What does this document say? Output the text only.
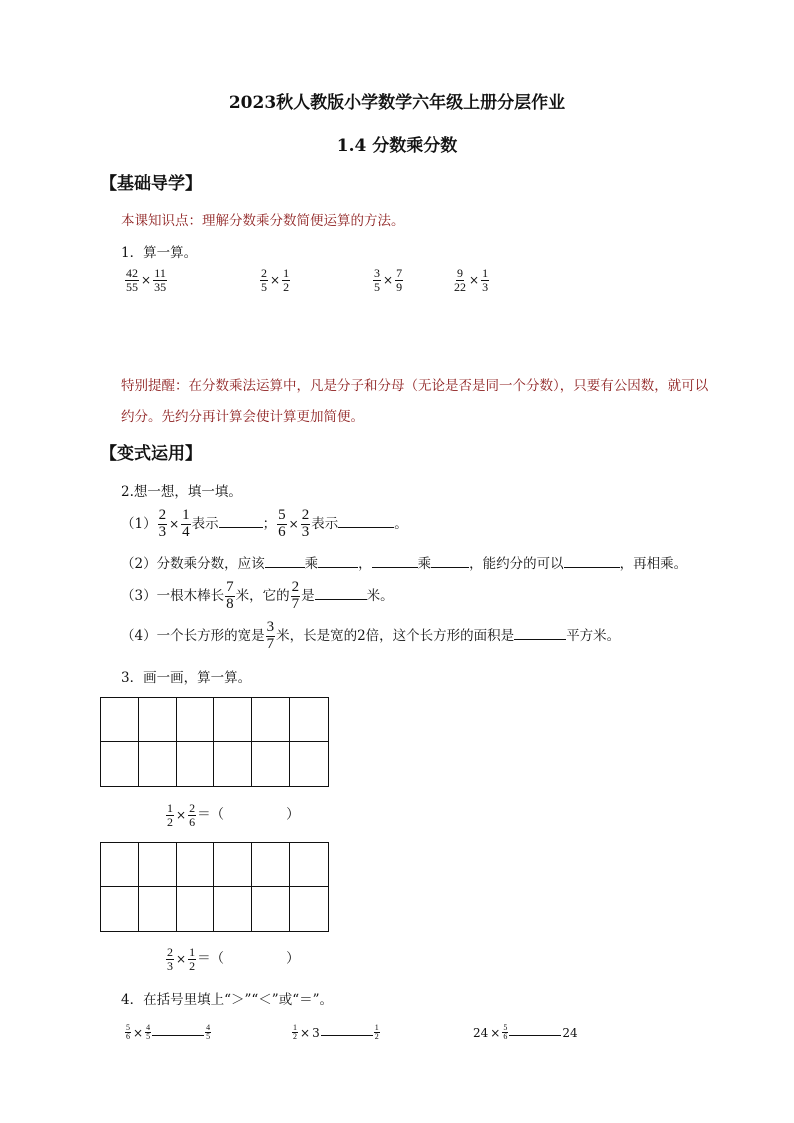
2023秋人教版小学数学六年级上册分层作业
1.4 分数乘分数
【基础导学】
本课知识点：理解分数乘分数简便运算的方法。
1．算一算。
$\frac{42}{55} \times \frac{11}{35}$	$\frac{2}{5} \times \frac{1}{2}$	$\frac{3}{5} \times \frac{7}{9}$	$\frac{9}{22} \times \frac{1}{3}$
特别提醒：在分数乘法运算中，凡是分子和分母（无论是否是同一个分数），只要有公因数，就可以
约分。先约分再计算会使计算更加简便。
【变式运用】
2.想一想，填一填。
$(1) \frac{2}{3} \times \frac{1}{4}$ 表示	； $\frac{5}{6} \times \frac{2}{3}$ 表示	。
（2）分数乘分数，应该	乘	，	乘	，能约分的可以	，再相乘。
（3）一根木棒长 $\frac{7}{8}$ 米，它的 $\frac{2}{7}$ 是	米。
（4）一个长方形的宽是 $\frac{3}{7}$ 米，长是宽的2倍，这个长方形的面积是	平方米。
3．画一画，算一算。
$\frac{1}{2} \times \frac{2}{6}$ ＝（	）
$\frac{2}{3} \times \frac{1}{2}$ ＝（	）
4．在括号里填上“＞”“＜”或“＝”。
$\frac{5}{6} \times \frac{4}{5}$	$\frac{4}{5}$	$\frac{1}{2} \times 3$	$\frac{1}{2}$	$24 \times \frac{5}{6}$	24
